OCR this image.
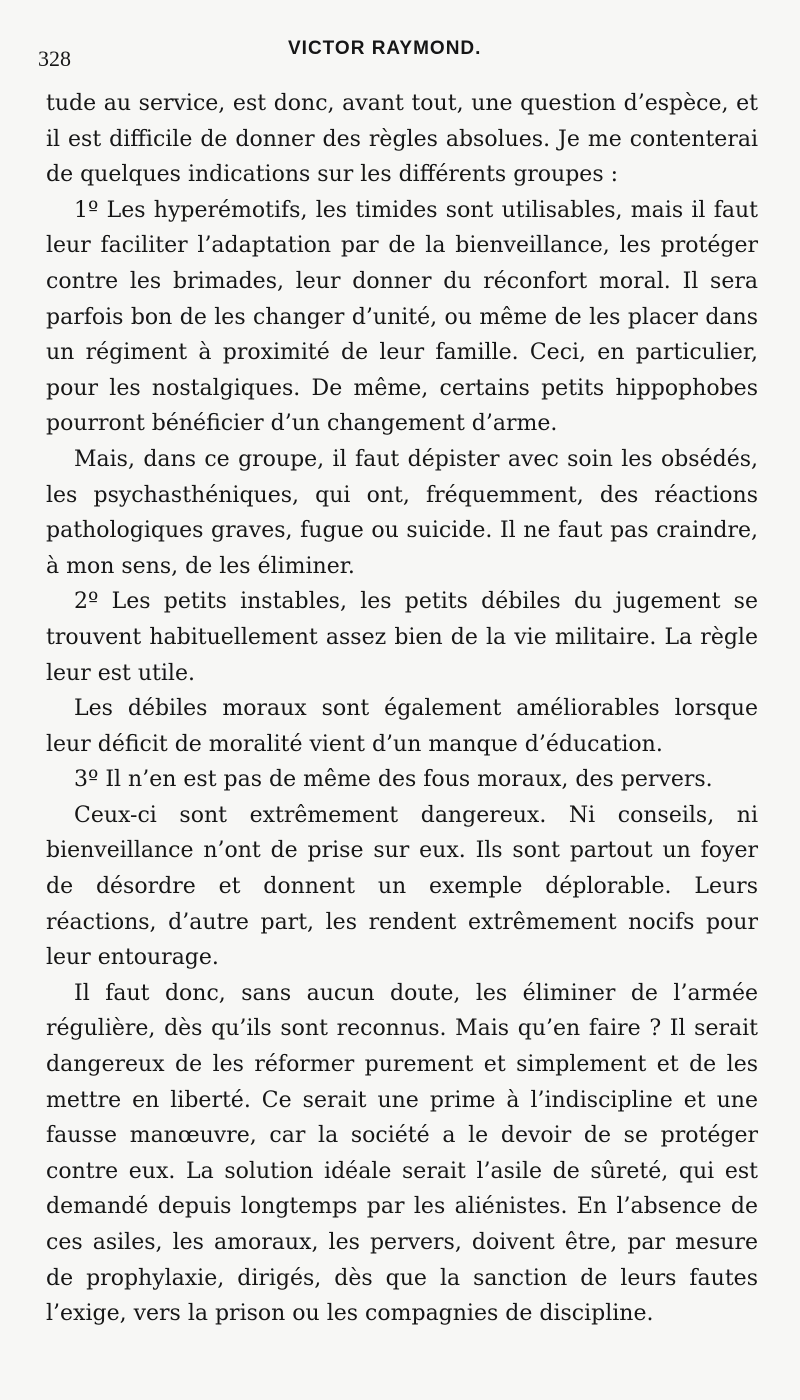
328	VICTOR RAYMOND.

tude au service, est donc, avant tout, une question d’espèce, et il est difficile de donner des règles absolues. Je me contenterai de quelques indications sur les différents groupes :

1º Les hyperémotifs, les timides sont utilisables, mais il faut leur faciliter l’adaptation par de la bienveillance, les protéger contre les brimades, leur donner du réconfort moral. Il sera parfois bon de les changer d’unité, ou même de les placer dans un régiment à proximité de leur famille. Ceci, en particulier, pour les nostalgiques. De même, certains petits hippophobes pourront bénéficier d’un changement d’arme.

Mais, dans ce groupe, il faut dépister avec soin les obsédés, les psychasthéniques, qui ont, fréquemment, des réactions pathologiques graves, fugue ou suicide. Il ne faut pas craindre, à mon sens, de les éliminer.

2º Les petits instables, les petits débiles du jugement se trouvent habituellement assez bien de la vie militaire. La règle leur est utile.

Les débiles moraux sont également améliorables lorsque leur déficit de moralité vient d’un manque d’éducation.

3º Il n’en est pas de même des fous moraux, des pervers.

Ceux-ci sont extrêmement dangereux. Ni conseils, ni bienveillance n’ont de prise sur eux. Ils sont partout un foyer de désordre et donnent un exemple déplorable. Leurs réactions, d’autre part, les rendent extrêmement nocifs pour leur entourage.

Il faut donc, sans aucun doute, les éliminer de l’armée régulière, dès qu’ils sont reconnus. Mais qu’en faire ? Il serait dangereux de les réformer purement et simplement et de les mettre en liberté. Ce serait une prime à l’indiscipline et une fausse manœuvre, car la société a le devoir de se protéger contre eux. La solution idéale serait l’asile de sûreté, qui est demandé depuis longtemps par les aliénistes. En l’absence de ces asiles, les amoraux, les pervers, doivent être, par mesure de prophylaxie, dirigés, dès que la sanction de leurs fautes l’exige, vers la prison ou les compagnies de discipline.
